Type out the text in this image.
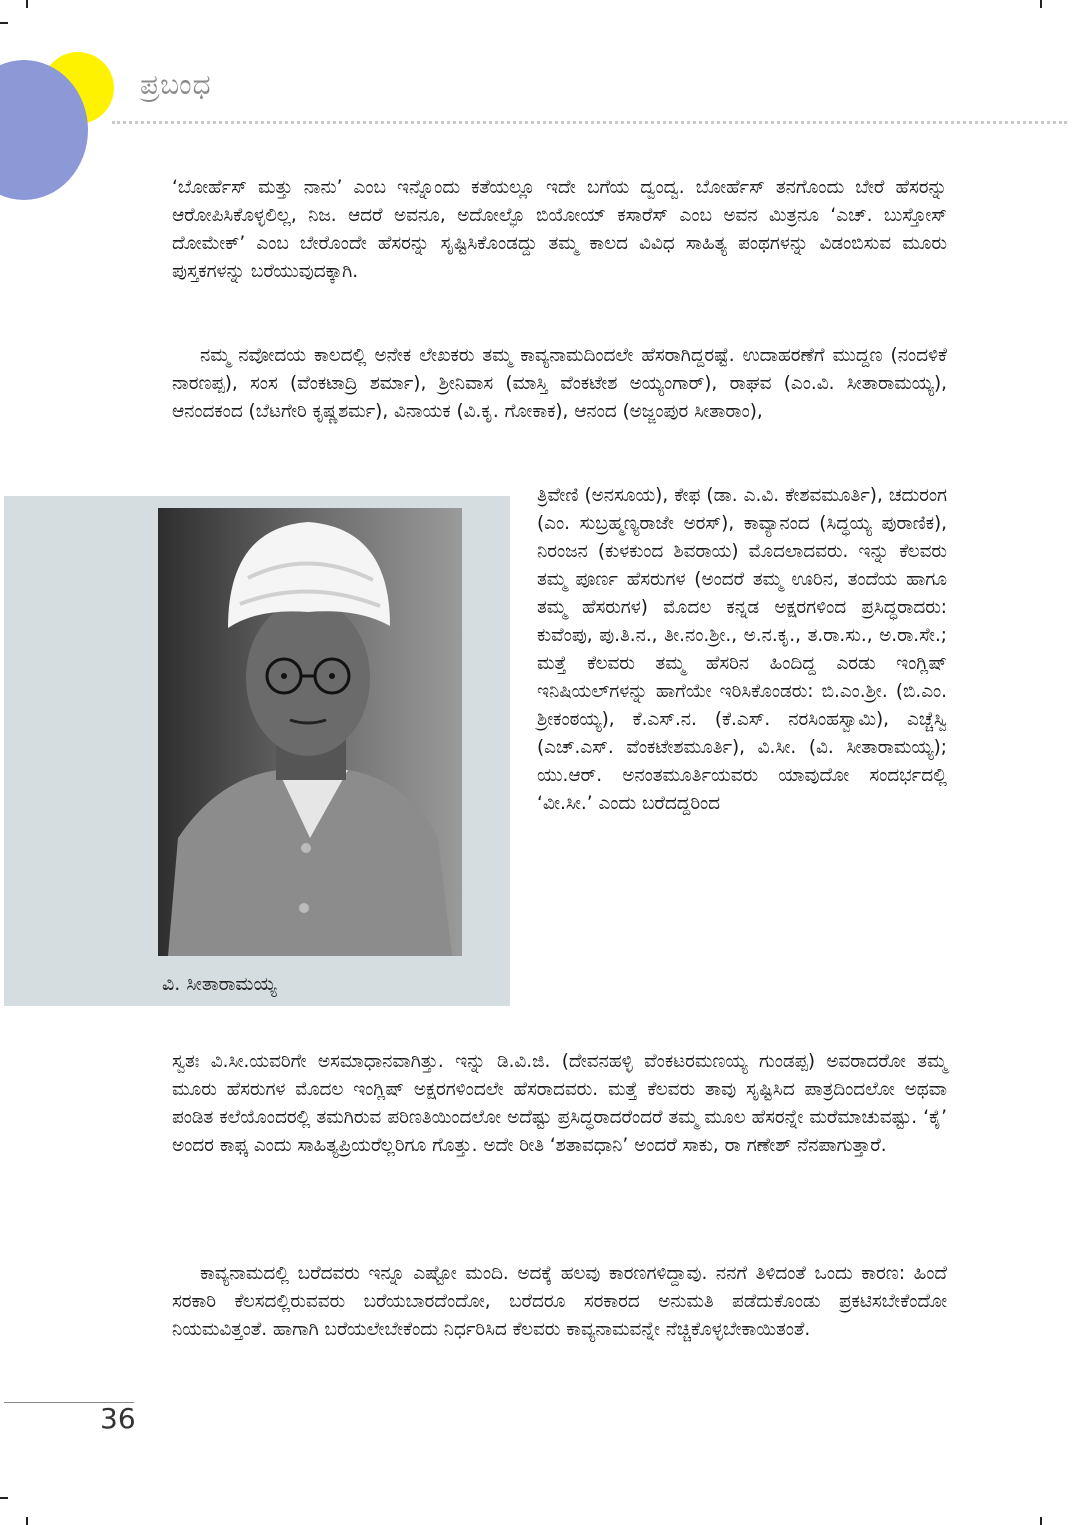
ಪ್ರಬಂಧ

‘ಬೋರ್ಹೆಸ್ ಮತ್ತು ನಾನು’ ಎಂಬ ಇನ್ನೊಂದು ಕತೆಯಲ್ಲೂ ಇದೇ ಬಗೆಯ ದ್ವಂದ್ವ. ಬೋರ್ಹೆಸ್ ತನಗೊಂದು ಬೇರೆ ಹೆಸರನ್ನು ಆರೋಪಿಸಿಕೊಳ್ಳಲಿಲ್ಲ, ನಿಜ. ಆದರೆ ಅವನೂ, ಅದೋಲ್ಫೊ ಬಿಯೋಯ್ ಕಸಾರೆಸ್ ಎಂಬ ಅವನ ಮಿತ್ರನೂ ‘ಎಚ್. ಬುಸ್ತೋಸ್ ದೋಮೇಕ್’ ಎಂಬ ಬೇರೊಂದೇ ಹೆಸರನ್ನು ಸೃಷ್ಟಿಸಿಕೊಂಡದ್ದು ತಮ್ಮ ಕಾಲದ ವಿವಿಧ ಸಾಹಿತ್ಯ ಪಂಥಗಳನ್ನು ವಿಡಂಬಿಸುವ ಮೂರು ಪುಸ್ತಕಗಳನ್ನು ಬರೆಯುವುದಕ್ಕಾಗಿ.

ನಮ್ಮ ನವೋದಯ ಕಾಲದಲ್ಲಿ ಅನೇಕ ಲೇಖಕರು ತಮ್ಮ ಕಾವ್ಯನಾಮದಿಂದಲೇ ಹೆಸರಾಗಿದ್ದರಷ್ಟೆ. ಉದಾಹರಣೆಗೆ ಮುದ್ದಣ (ನಂದಳಿಕೆ ನಾರಣಪ್ಪ), ಸಂಸ (ವೆಂಕಟಾದ್ರಿ ಶರ್ಮಾ), ಶ್ರೀನಿವಾಸ (ಮಾಸ್ತಿ ವೆಂಕಟೇಶ ಅಯ್ಯಂಗಾರ್), ರಾಘವ (ಎಂ.ವಿ. ಸೀತಾರಾಮಯ್ಯ), ಆನಂದಕಂದ (ಬೆಟಗೇರಿ ಕೃಷ್ಣಶರ್ಮ), ವಿನಾಯಕ (ವಿ.ಕೃ. ಗೋಕಾಕ), ಆನಂದ (ಅಜ್ಜಂಪುರ ಸೀತಾರಾಂ),

ವಿ. ಸೀತಾರಾಮಯ್ಯ

ತ್ರಿವೇಣಿ (ಅನಸೂಯ), ಕೇಫ (ಡಾ. ಎ.ವಿ. ಕೇಶವಮೂರ್ತಿ), ಚದುರಂಗ (ಎಂ. ಸುಬ್ರಹ್ಮಣ್ಯರಾಜೇ ಅರಸ್), ಕಾವ್ಯಾನಂದ (ಸಿದ್ಧಯ್ಯ ಪುರಾಣಿಕ), ನಿರಂಜನ (ಕುಳಕುಂದ ಶಿವರಾಯ) ಮೊದಲಾದವರು. ಇನ್ನು ಕೆಲವರು ತಮ್ಮ ಪೂರ್ಣ ಹೆಸರುಗಳ (ಅಂದರೆ ತಮ್ಮ ಊರಿನ, ತಂದೆಯ ಹಾಗೂ ತಮ್ಮ ಹೆಸರುಗಳ) ಮೊದಲ ಕನ್ನಡ ಅಕ್ಷರಗಳಿಂದ ಪ್ರಸಿದ್ಧರಾದರು: ಕುವೆಂಪು, ಪು.ತಿ.ನ., ತೀ.ನಂ.ಶ್ರೀ., ಅ.ನ.ಕೃ., ತ.ರಾ.ಸು., ಅ.ರಾ.ಸೇ.; ಮತ್ತೆ ಕೆಲವರು ತಮ್ಮ ಹೆಸರಿನ ಹಿಂದಿದ್ದ ಎರಡು ಇಂಗ್ಲಿಷ್ ಇನಿಷಿಯಲ್‌ಗಳನ್ನು ಹಾಗೆಯೇ ಇರಿಸಿಕೊಂಡರು: ಬಿ.ಎಂ.ಶ್ರೀ. (ಬಿ.ಎಂ. ಶ್ರೀಕಂಠಯ್ಯ), ಕೆ.ಎಸ್.ನ. (ಕೆ.ಎಸ್. ನರಸಿಂಹಸ್ವಾಮಿ), ಎಚ್ಚೆಸ್ವಿ (ಎಚ್.ಎಸ್. ವೆಂಕಟೇಶಮೂರ್ತಿ), ವಿ.ಸೀ. (ವಿ. ಸೀತಾರಾಮಯ್ಯ); ಯು.ಆರ್. ಅನಂತಮೂರ್ತಿಯವರು ಯಾವುದೋ ಸಂದರ್ಭದಲ್ಲಿ ‘ವೀ.ಸೀ.’ ಎಂದು ಬರೆದದ್ದರಿಂದ

ಸ್ವತಃ ವಿ.ಸೀ.ಯವರಿಗೇ ಅಸಮಾಧಾನವಾಗಿತ್ತು. ಇನ್ನು ಡಿ.ವಿ.ಜಿ. (ದೇವನಹಳ್ಳಿ ವೆಂಕಟರಮಣಯ್ಯ ಗುಂಡಪ್ಪ) ಅವರಾದರೋ ತಮ್ಮ ಮೂರು ಹೆಸರುಗಳ ಮೊದಲ ಇಂಗ್ಲಿಷ್ ಅಕ್ಷರಗಳಿಂದಲೇ ಹೆಸರಾದವರು. ಮತ್ತೆ ಕೆಲವರು ತಾವು ಸೃಷ್ಟಿಸಿದ ಪಾತ್ರದಿಂದಲೋ ಅಥವಾ ಪಂಡಿತ ಕಲೆಯೊಂದರಲ್ಲಿ ತಮಗಿರುವ ಪರಿಣತಿಯಿಂದಲೋ ಅದೆಷ್ಟು ಪ್ರಸಿದ್ಧರಾದರೆಂದರೆ ತಮ್ಮ ಮೂಲ ಹೆಸರನ್ನೇ ಮರೆಮಾಚುವಷ್ಟು. ‘ಕೈ’ ಅಂದರ ಕಾಫ್ಕ ಎಂದು ಸಾಹಿತ್ಯಪ್ರಿಯರೆಲ್ಲರಿಗೂ ಗೊತ್ತು. ಅದೇ ರೀತಿ ‘ಶತಾವಧಾನಿ’ ಅಂದರೆ ಸಾಕು, ರಾ ಗಣೇಶ್ ನೆನಪಾಗುತ್ತಾರೆ.

ಕಾವ್ಯನಾಮದಲ್ಲಿ ಬರೆದವರು ಇನ್ನೂ ಎಷ್ಟೋ ಮಂದಿ. ಅದಕ್ಕೆ ಹಲವು ಕಾರಣಗಳಿದ್ದಾವು. ನನಗೆ ತಿಳಿದಂತೆ ಒಂದು ಕಾರಣ: ಹಿಂದೆ ಸರಕಾರಿ ಕೆಲಸದಲ್ಲಿರುವವರು ಬರೆಯಬಾರದೆಂದೋ, ಬರೆದರೂ ಸರಕಾರದ ಅನುಮತಿ ಪಡೆದುಕೊಂಡು ಪ್ರಕಟಿಸಬೇಕೆಂದೋ ನಿಯಮವಿತ್ತಂತೆ. ಹಾಗಾಗಿ ಬರೆಯಲೇಬೇಕೆಂದು ನಿರ್ಧರಿಸಿದ ಕೆಲವರು ಕಾವ್ಯನಾಮವನ್ನೇ ನೆಚ್ಚಿಕೊಳ್ಳಬೇಕಾಯಿತಂತೆ.

36
